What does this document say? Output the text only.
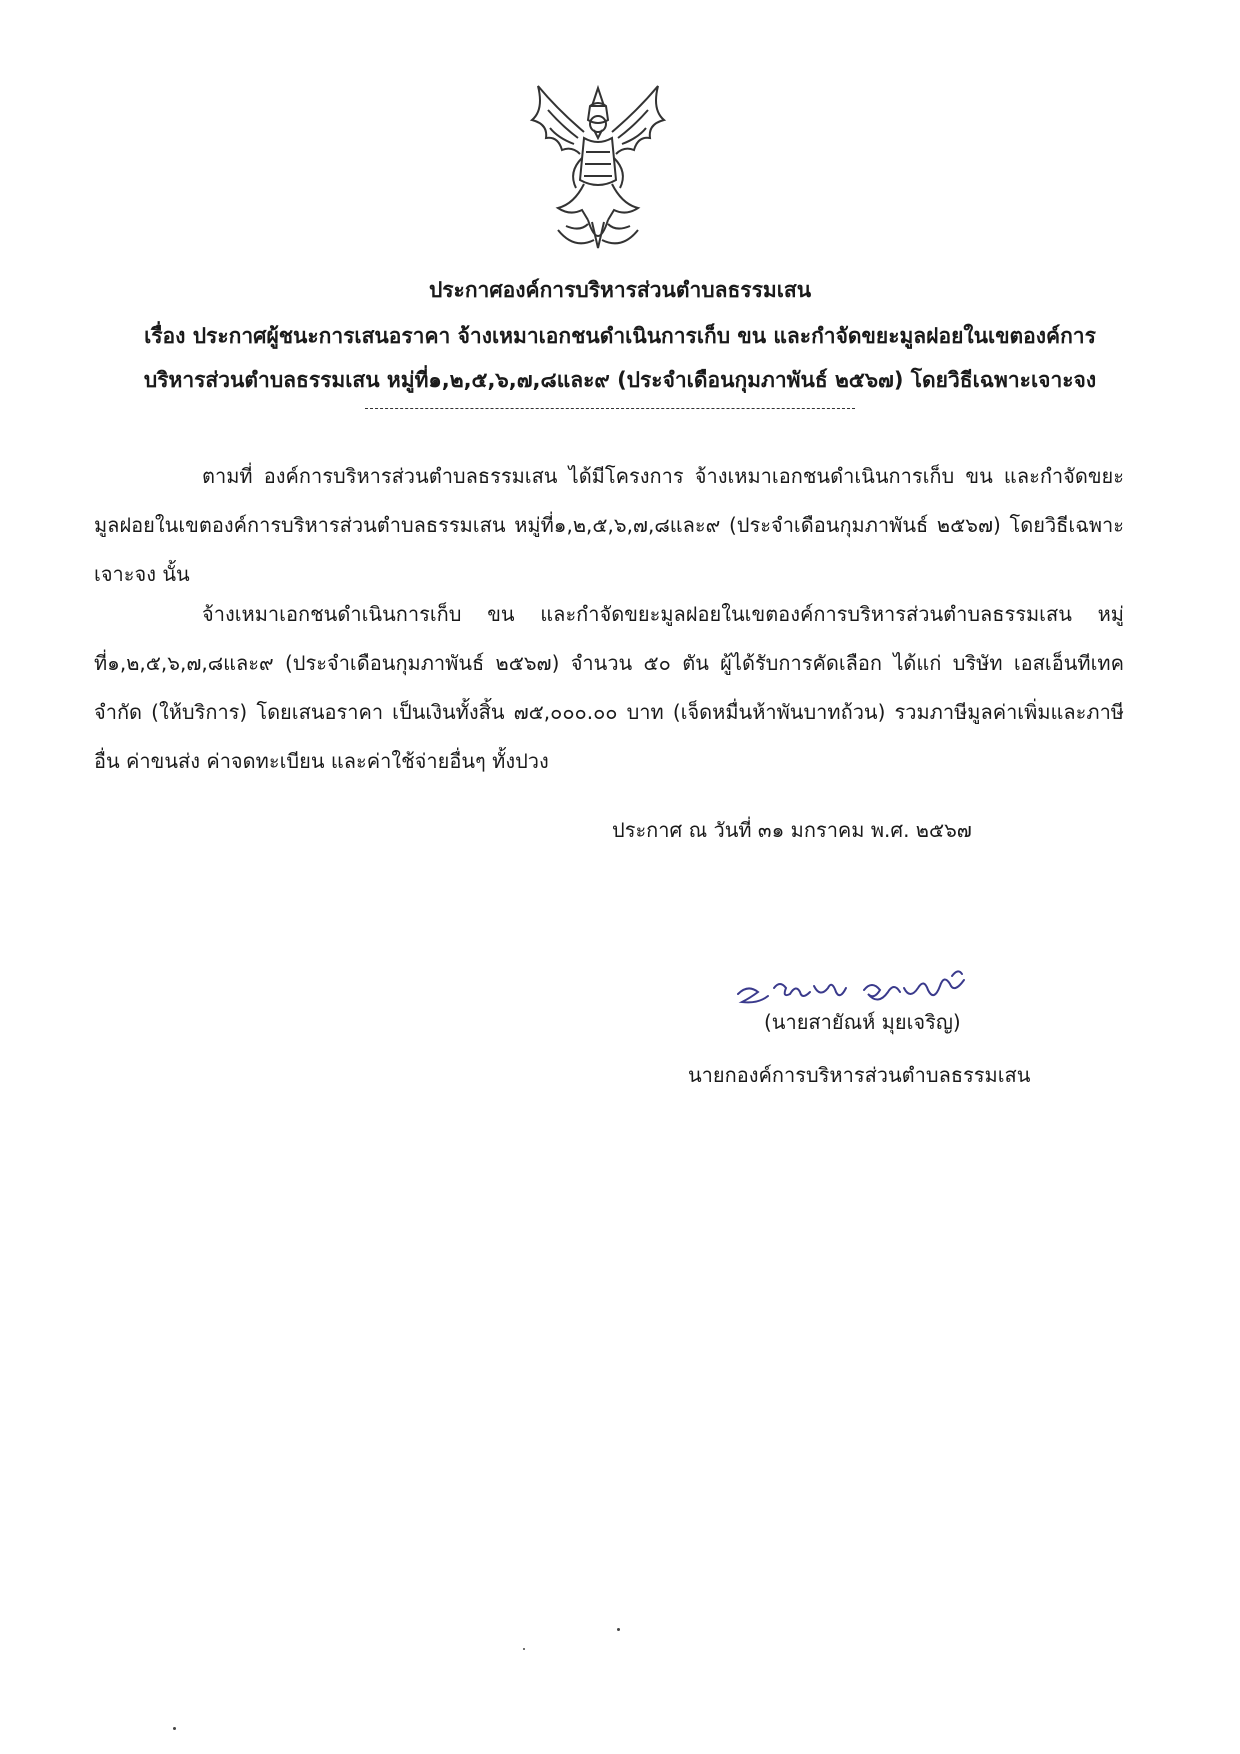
ประกาศองค์การบริหารส่วนตำบลธรรมเสน
เรื่อง ประกาศผู้ชนะการเสนอราคา จ้างเหมาเอกชนดำเนินการเก็บ ขน และกำจัดขยะมูลฝอยในเขตองค์การ
บริหารส่วนตำบลธรรมเสน หมู่ที่๑,๒,๕,๖,๗,๘และ๙ (ประจำเดือนกุมภาพันธ์ ๒๕๖๗) โดยวิธีเฉพาะเจาะจง
ตามที่ องค์การบริหารส่วนตำบลธรรมเสน ได้มีโครงการ จ้างเหมาเอกชนดำเนินการเก็บ ขน และกำจัดขยะมูลฝอยในเขตองค์การบริหารส่วนตำบลธรรมเสน หมู่ที่๑,๒,๕,๖,๗,๘และ๙ (ประจำเดือนกุมภาพันธ์ ๒๕๖๗) โดยวิธีเฉพาะเจาะจง นั้น
จ้างเหมาเอกชนดำเนินการเก็บ ขน และกำจัดขยะมูลฝอยในเขตองค์การบริหารส่วนตำบลธรรมเสน หมู่ที่๑,๒,๕,๖,๗,๘และ๙ (ประจำเดือนกุมภาพันธ์ ๒๕๖๗) จำนวน ๕๐ ตัน ผู้ได้รับการคัดเลือก ได้แก่ บริษัท เอสเอ็นทีเทค จำกัด (ให้บริการ) โดยเสนอราคา เป็นเงินทั้งสิ้น ๗๕,๐๐๐.๐๐ บาท (เจ็ดหมื่นห้าพันบาทถ้วน) รวมภาษีมูลค่าเพิ่มและภาษีอื่น ค่าขนส่ง ค่าจดทะเบียน และค่าใช้จ่ายอื่นๆ ทั้งปวง
ประกาศ ณ วันที่ ๓๑ มกราคม พ.ศ. ๒๕๖๗
(นายสายัณห์ มุยเจริญ)
นายกองค์การบริหารส่วนตำบลธรรมเสน
